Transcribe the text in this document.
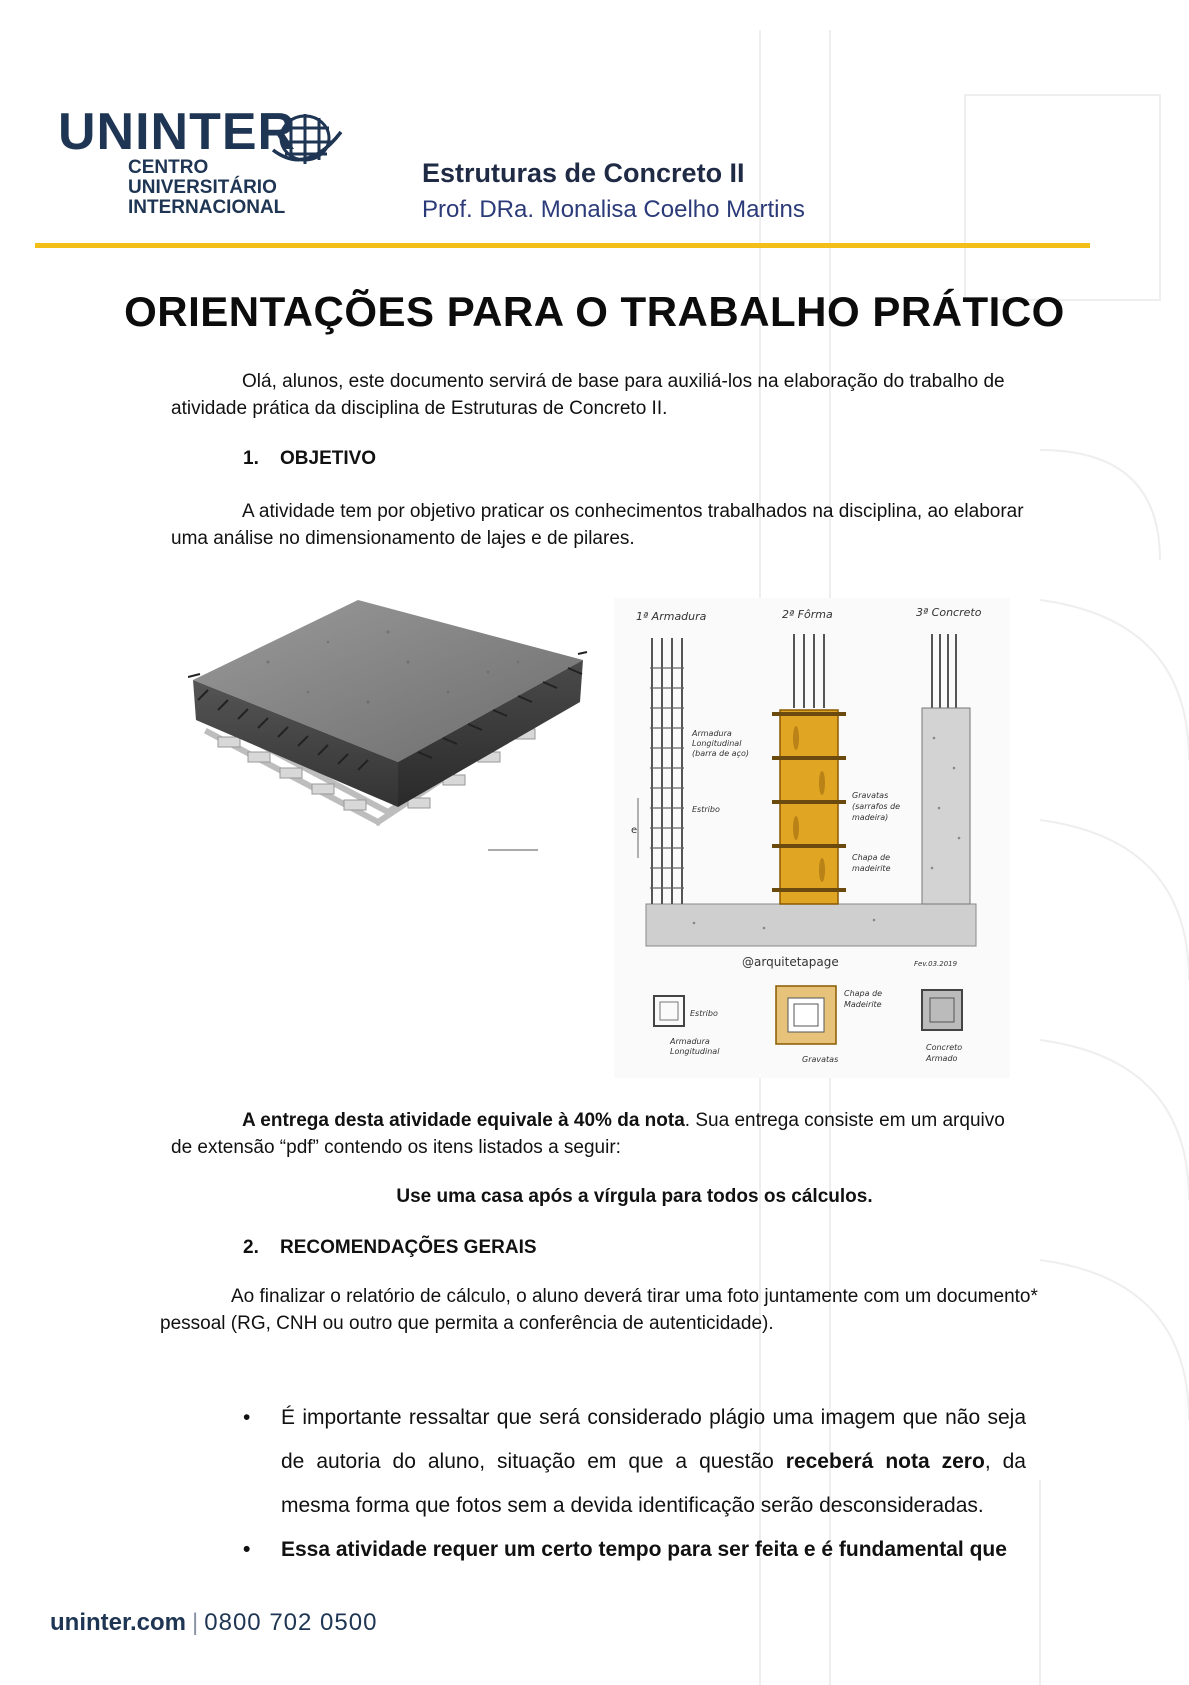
UNINTER
CENTRO
UNIVERSITÁRIO
INTERNACIONAL
Estruturas de Concreto II
Prof. DRa. Monalisa Coelho Martins
ORIENTAÇÕES PARA O TRABALHO PRÁTICO

Olá, alunos, este documento servirá de base para auxiliá-los na elaboração do trabalho de atividade prática da disciplina de Estruturas de Concreto II.

1. OBJETIVO

A atividade tem por objetivo praticar os conhecimentos trabalhados na disciplina, ao elaborar uma análise no dimensionamento de lajes e de pilares.

1ª Armadura	2ª Fôrma	3ª Concreto
e
Armadura
Longitudinal
(barra de aço)
Estribo
Gravatas
(sarrafos de
madeira)
Chapa de
madeirite
@arquitetapage	Fev.03.2019
Estribo
Armadura
Longitudinal
Chapa de
Madeirite
Gravatas
Concreto
Armado

A entrega desta atividade equivale à 40% da nota. Sua entrega consiste em um arquivo de extensão “pdf” contendo os itens listados a seguir:

Use uma casa após a vírgula para todos os cálculos.
2. RECOMENDAÇÕES GERAIS

Ao finalizar o relatório de cálculo, o aluno deverá tirar uma foto juntamente com um documento* pessoal (RG, CNH ou outro que permita a conferência de autenticidade).

• É importante ressaltar que será considerado plágio uma imagem que não seja de autoria do aluno, situação em que a questão receberá nota zero, da mesma forma que fotos sem a devida identificação serão desconsideradas.
• Essa atividade requer um certo tempo para ser feita e é fundamental que
uninter.com | 0800 702 0500
